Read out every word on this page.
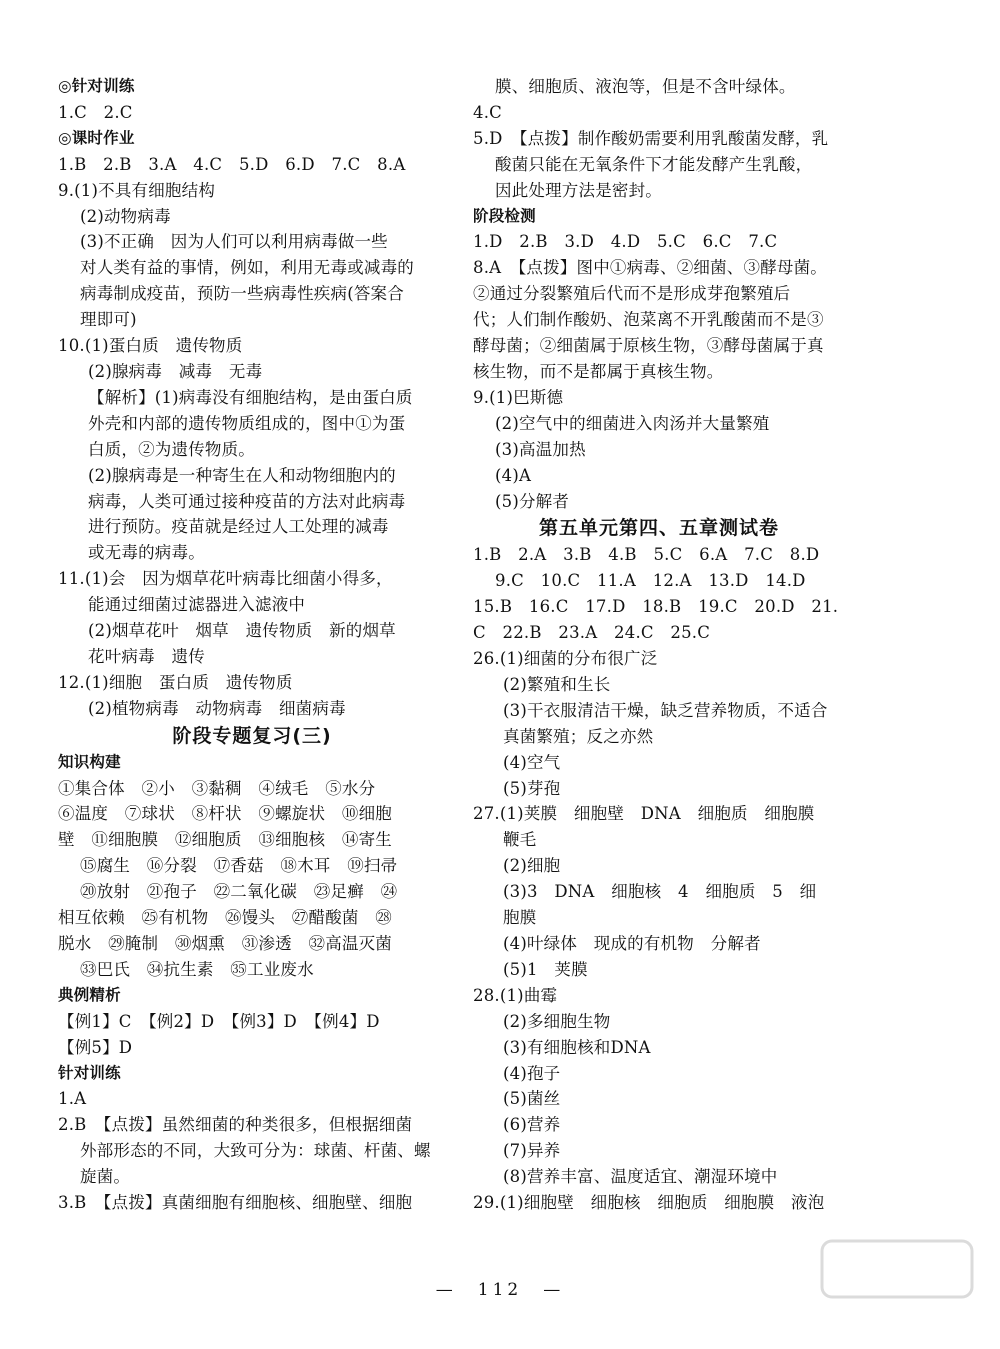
◎针对训练
1.C　2.C
◎课时作业
1.B　2.B　3.A　4.C　5.D　6.D　7.C　8.A
9.(1)不具有细胞结构
(2)动物病毒
(3)不正确　因为人们可以利用病毒做一些
对人类有益的事情，例如，利用无毒或减毒的
病毒制成疫苗，预防一些病毒性疾病(答案合
理即可)
10.(1)蛋白质　遗传物质
(2)腺病毒　减毒　无毒
【解析】(1)病毒没有细胞结构，是由蛋白质
外壳和内部的遗传物质组成的，图中①为蛋
白质，②为遗传物质。
(2)腺病毒是一种寄生在人和动物细胞内的
病毒，人类可通过接种疫苗的方法对此病毒
进行预防。疫苗就是经过人工处理的减毒
或无毒的病毒。
11.(1)会　因为烟草花叶病毒比细菌小得多，
能通过细菌过滤器进入滤液中
(2)烟草花叶　烟草　遗传物质　新的烟草
花叶病毒　遗传
12.(1)细胞　蛋白质　遗传物质
(2)植物病毒　动物病毒　细菌病毒
阶段专题复习(三)
知识构建
①集合体　②小　③黏稠　④绒毛　⑤水分
⑥温度　⑦球状　⑧杆状　⑨螺旋状　⑩细胞
壁　⑪细胞膜　⑫细胞质　⑬细胞核　⑭寄生
⑮腐生　⑯分裂　⑰香菇　⑱木耳　⑲扫帚
⑳放射　㉑孢子　㉒二氧化碳　㉓足癣　㉔
相互依赖　㉕有机物　㉖馒头　㉗醋酸菌　㉘
脱水　㉙腌制　㉚烟熏　㉛渗透　㉜高温灭菌
㉝巴氏　㉞抗生素　㉟工业废水
典例精析
【例1】C　【例2】D　【例3】D　【例4】D
【例5】D
针对训练
1.A
2.B　【点拨】虽然细菌的种类很多，但根据细菌
外部形态的不同，大致可分为：球菌、杆菌、螺
旋菌。
3.B　【点拨】真菌细胞有细胞核、细胞壁、细胞
膜、细胞质、液泡等，但是不含叶绿体。
4.C
5.D　【点拨】制作酸奶需要利用乳酸菌发酵，乳
酸菌只能在无氧条件下才能发酵产生乳酸，
因此处理方法是密封。
阶段检测
1.D　2.B　3.D　4.D　5.C　6.C　7.C
8.A　【点拨】图中①病毒、②细菌、③酵母菌。
②通过分裂繁殖后代而不是形成芽孢繁殖后
代；人们制作酸奶、泡菜离不开乳酸菌而不是③
酵母菌；②细菌属于原核生物，③酵母菌属于真
核生物，而不是都属于真核生物。
9.(1)巴斯德
(2)空气中的细菌进入肉汤并大量繁殖
(3)高温加热
(4)A
(5)分解者
第五单元第四、五章测试卷
1.B　2.A　3.B　4.B　5.C　6.A　7.C　8.D
9.C　10.C　11.A　12.A　13.D　14.D
15.B　16.C　17.D　18.B　19.C　20.D　21.
C　22.B　23.A　24.C　25.C
26.(1)细菌的分布很广泛
(2)繁殖和生长
(3)干衣服清洁干燥，缺乏营养物质，不适合
真菌繁殖；反之亦然
(4)空气
(5)芽孢
27.(1)荚膜　细胞壁　DNA　细胞质　细胞膜
鞭毛
(2)细胞
(3)3　DNA　细胞核　4　细胞质　5　细
胞膜
(4)叶绿体　现成的有机物　分解者
(5)1　荚膜
28.(1)曲霉
(2)多细胞生物
(3)有细胞核和DNA
(4)孢子
(5)菌丝
(6)营养
(7)异养
(8)营养丰富、温度适宜、潮湿环境中
29.(1)细胞壁　细胞核　细胞质　细胞膜　液泡
—　112　—
